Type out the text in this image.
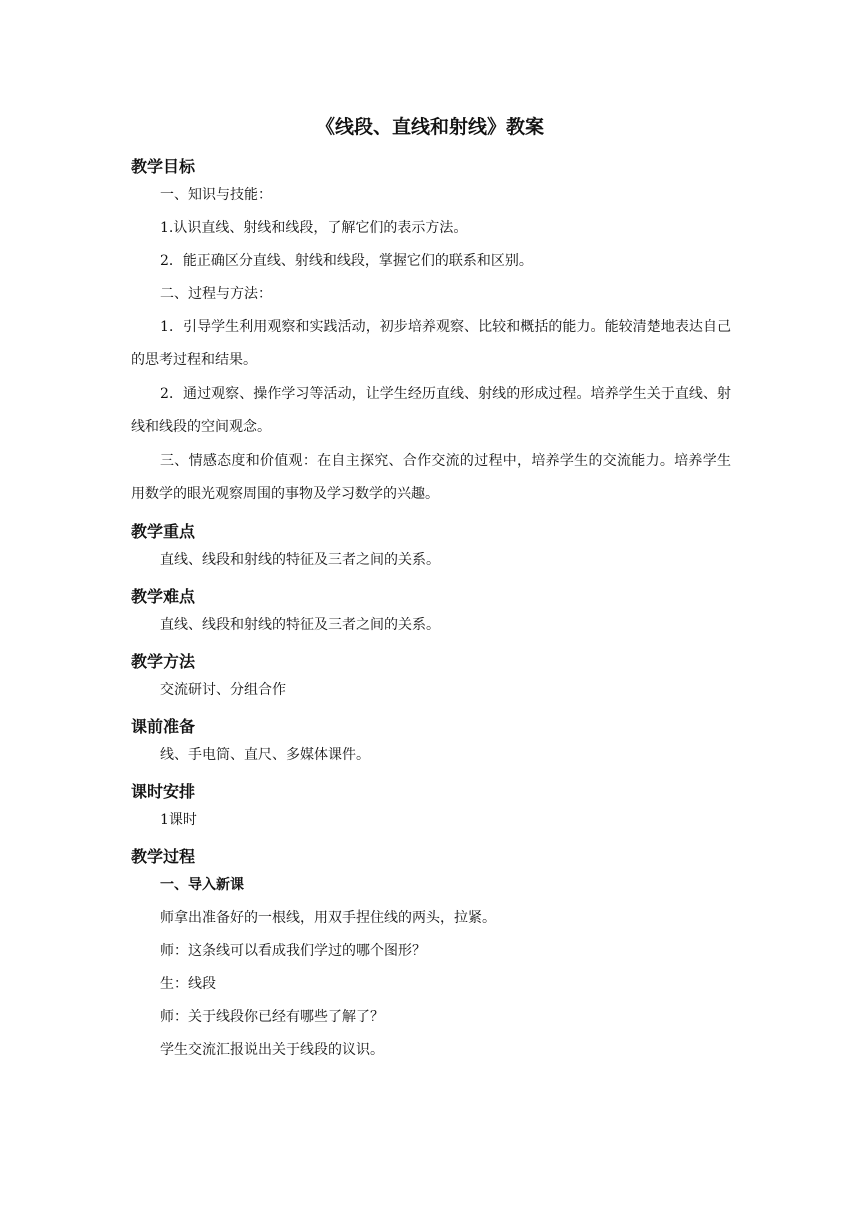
《线段、直线和射线》教案
教学目标

一、知识与技能：

1.认识直线、射线和线段，了解它们的表示方法。

2．能正确区分直线、射线和线段，掌握它们的联系和区别。

二、过程与方法：

1．引导学生利用观察和实践活动，初步培养观察、比较和概括的能力。能较清楚地表达自己的思考过程和结果。

2．通过观察、操作学习等活动，让学生经历直线、射线的形成过程。培养学生关于直线、射线和线段的空间观念。

三、情感态度和价值观：在自主探究、合作交流的过程中，培养学生的交流能力。培养学生用数学的眼光观察周围的事物及学习数学的兴趣。

教学重点

直线、线段和射线的特征及三者之间的关系。

教学难点

直线、线段和射线的特征及三者之间的关系。

教学方法

交流研讨、分组合作

课前准备

线、手电筒、直尺、多媒体课件。

课时安排

1课时

教学过程

一、导入新课

师拿出准备好的一根线，用双手捏住线的两头，拉紧。

师：这条线可以看成我们学过的哪个图形？

生：线段

师：关于线段你已经有哪些了解了？

学生交流汇报说出关于线段的议识。
